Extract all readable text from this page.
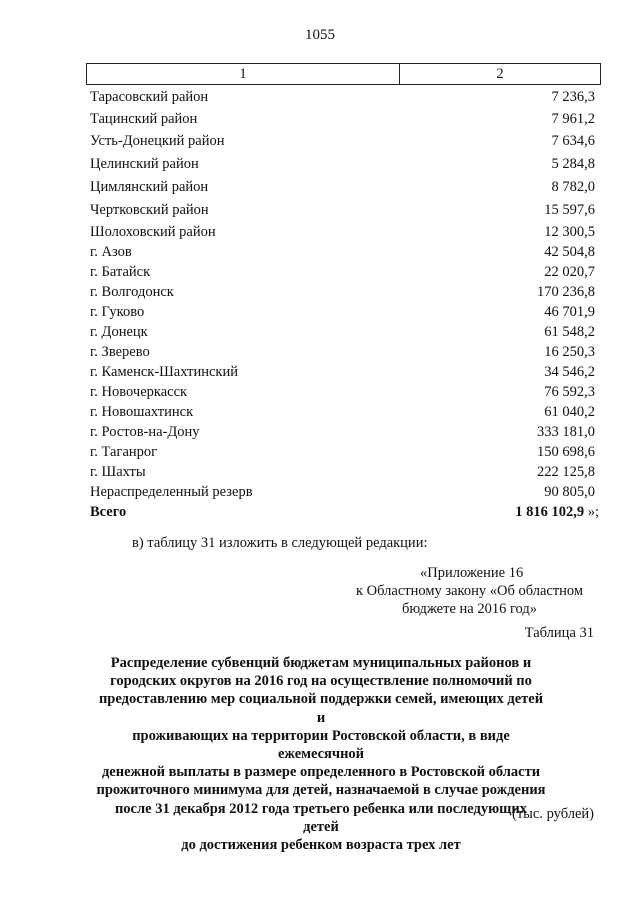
1055
1	2
Тарасовский район	7 236,3
Тацинский район	7 961,2
Усть-Донецкий район	7 634,6
Целинский район	5 284,8
Цимлянский район	8 782,0
Чертковский район	15 597,6
Шолоховский район	12 300,5
г. Азов	42 504,8
г. Батайск	22 020,7
г. Волгодонск	170 236,8
г. Гуково	46 701,9
г. Донецк	61 548,2
г. Зверево	16 250,3
г. Каменск-Шахтинский	34 546,2
г. Новочеркасск	76 592,3
г. Новошахтинск	61 040,2
г. Ростов-на-Дону	333 181,0
г. Таганрог	150 698,6
г. Шахты	222 125,8
Нераспределенный резерв	90 805,0
Всего	1 816 102,9 »;
в) таблицу 31 изложить в следующей редакции:
«Приложение 16
к Областному закону «Об областном
бюджете на 2016 год»
Таблица 31
Распределение субвенций бюджетам муниципальных районов и
городских округов на 2016 год на осуществление полномочий по
предоставлению мер социальной поддержки семей, имеющих детей и
проживающих на территории Ростовской области, в виде ежемесячной
денежной выплаты в размере определенного в Ростовской области
прожиточного минимума для детей, назначаемой в случае рождения
после 31 декабря 2012 года третьего ребенка или последующих детей
до достижения ребенком возраста трех лет
(тыс. рублей)
